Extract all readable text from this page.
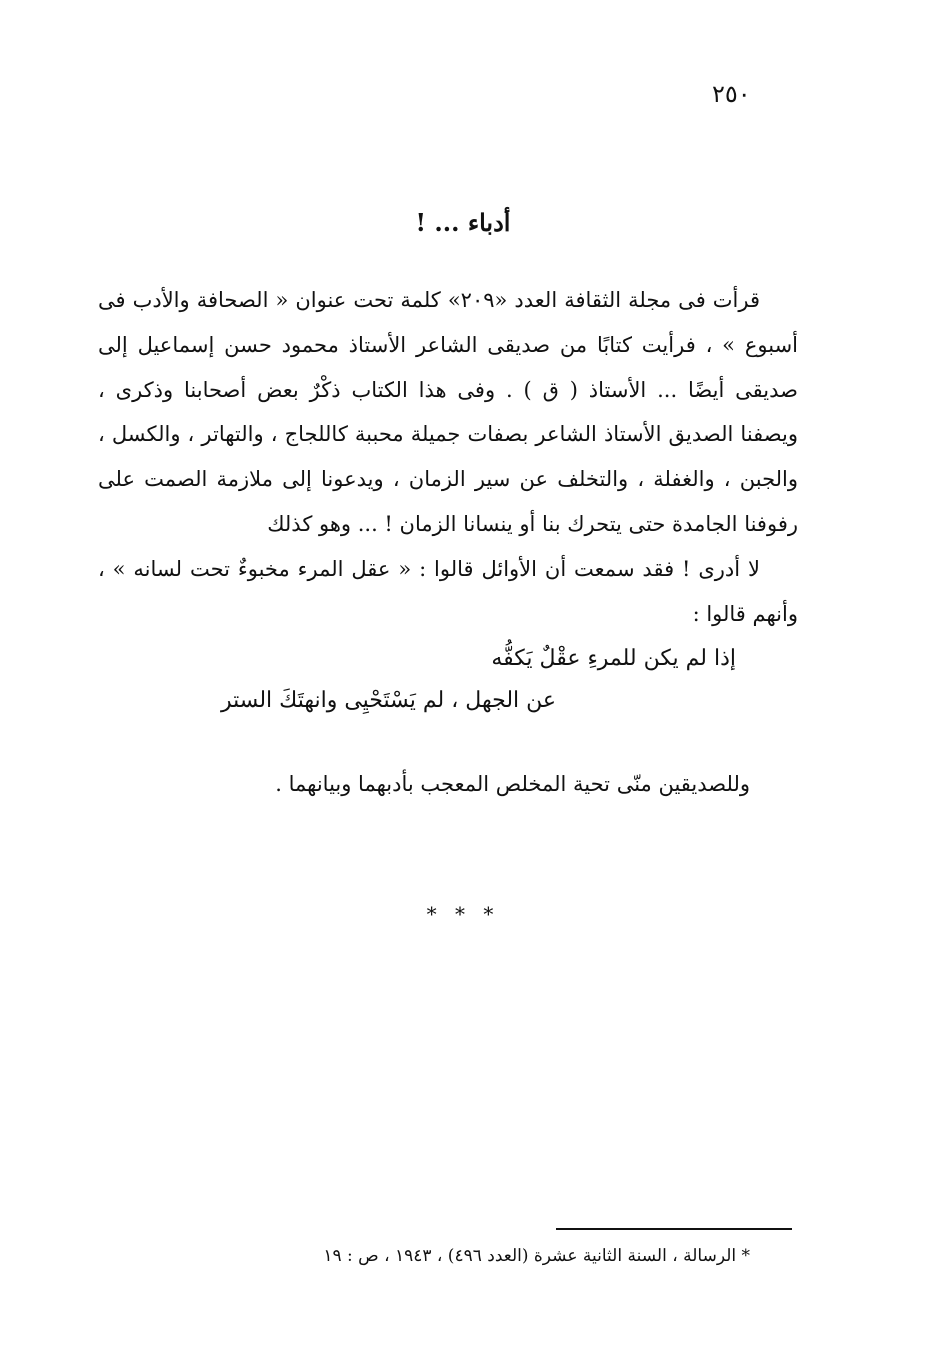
٢٥٠
أدباء ... !

قرأت فى مجلة الثقافة العدد «٢٠٩» كلمة تحت عنوان « الصحافة والأدب فى أسبوع » ، فرأيت كتابًا من صديقى الشاعر الأستاذ محمود حسن إسماعيل إلى صديقى أيضًا ... الأستاذ ( ق ) . وفى هذا الكتاب ذكْرٌ بعض أصحابنا وذكرى ، ويصفنا الصديق الأستاذ الشاعر بصفات جميلة محببة كاللجاج ، والتهاتر ، والكسل ، والجبن ، والغفلة ، والتخلف عن سير الزمان ، ويدعونا إلى ملازمة الصمت على رفوفنا الجامدة حتى يتحرك بنا أو ينسانا الزمان ! ... وهو كذلك

لا أدرى ! فقد سمعت أن الأوائل قالوا : « عقل المرء مخبوءٌ تحت لسانه » ، وأنهم قالوا :

إذا لم يكن للمرءِ عقْلٌ يَكفُّه
عن الجهل ، لم يَسْتَحْيِى وانهتَكَ الستر
وللصديقين منّى تحية المخلص المعجب بأدبهما وبيانهما .
* * *
* الرسالة ، السنة الثانية عشرة (العدد ٤٩٦) ، ١٩٤٣ ، ص : ١٩
